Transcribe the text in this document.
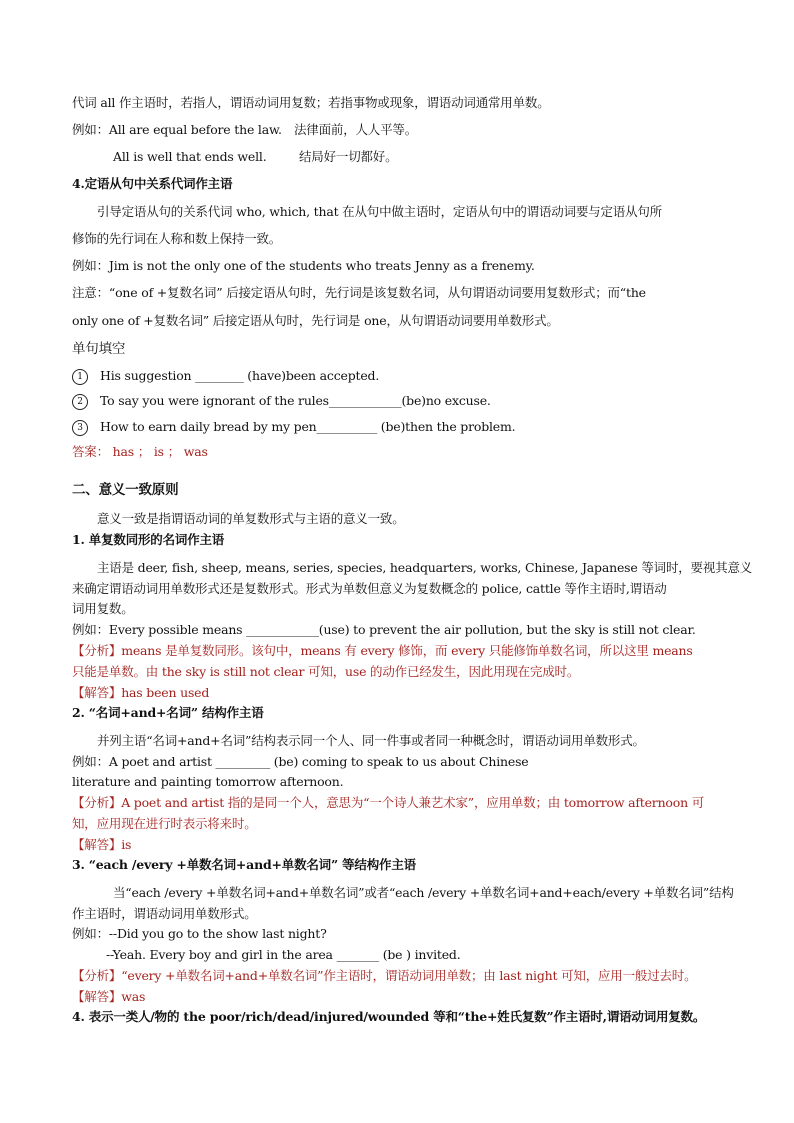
代词 all 作主语时，若指人，谓语动词用复数；若指事物或现象，谓语动词通常用单数。
例如：All are equal before the law. 法律面前，人人平等。
All is well that ends well.	结局好一切都好。
4.定语从句中关系代词作主语
引导定语从句的关系代词 who, which, that 在从句中做主语时，定语从句中的谓语动词要与定语从句所
修饰的先行词在人称和数上保持一致。
例如：Jim is not the only one of the students who treats Jenny as a frenemy.
注意：“one of +复数名词” 后接定语从句时，先行词是该复数名词，从句谓语动词要用复数形式；而“the
only one of +复数名词” 后接定语从句时，先行词是 one，从句谓语动词要用单数形式。
单句填空
1 His suggestion ________ (have)been accepted.
2 To say you were ignorant of the rules____________(be)no excuse.
3 How to earn daily bread by my pen__________ (be)then the problem.
答案： has ； is ； was
二、意义一致原则
意义一致是指谓语动词的单复数形式与主语的意义一致。
1. 单复数同形的名词作主语
主语是 deer, fish, sheep, means, series, species, headquarters, works, Chinese, Japanese 等词时，要视其意义
来确定谓语动词用单数形式还是复数形式。形式为单数但意义为复数概念的 police, cattle 等作主语时,谓语动
词用复数。
例如：Every possible means ____________(use) to prevent the air pollution, but the sky is still not clear.
【分析】means 是单复数同形。该句中，means 有 every 修饰，而 every 只能修饰单数名词，所以这里 means
只能是单数。由 the sky is still not clear 可知，use 的动作已经发生，因此用现在完成时。
【解答】has been used
2. “名词+and+名词” 结构作主语
并列主语“名词+and+名词”结构表示同一个人、同一件事或者同一种概念时，谓语动词用单数形式。
例如：A poet and artist _________ (be) coming to speak to us about Chinese
literature and painting tomorrow afternoon.
【分析】A poet and artist 指的是同一个人，意思为“一个诗人兼艺术家”，应用单数；由 tomorrow afternoon 可
知，应用现在进行时表示将来时。
【解答】is
3. “each /every +单数名词+and+单数名词” 等结构作主语
当“each /every +单数名词+and+单数名词”或者“each /every +单数名词+and+each/every +单数名词”结构
作主语时，谓语动词用单数形式。
例如：--Did you go to the show last night?
--Yeah. Every boy and girl in the area _______ (be ) invited.
【分析】“every +单数名词+and+单数名词”作主语时，谓语动词用单数；由 last night 可知，应用一般过去时。
【解答】was
4. 表示一类人/物的 the poor/rich/dead/injured/wounded 等和“the+姓氏复数”作主语时,谓语动词用复数。
